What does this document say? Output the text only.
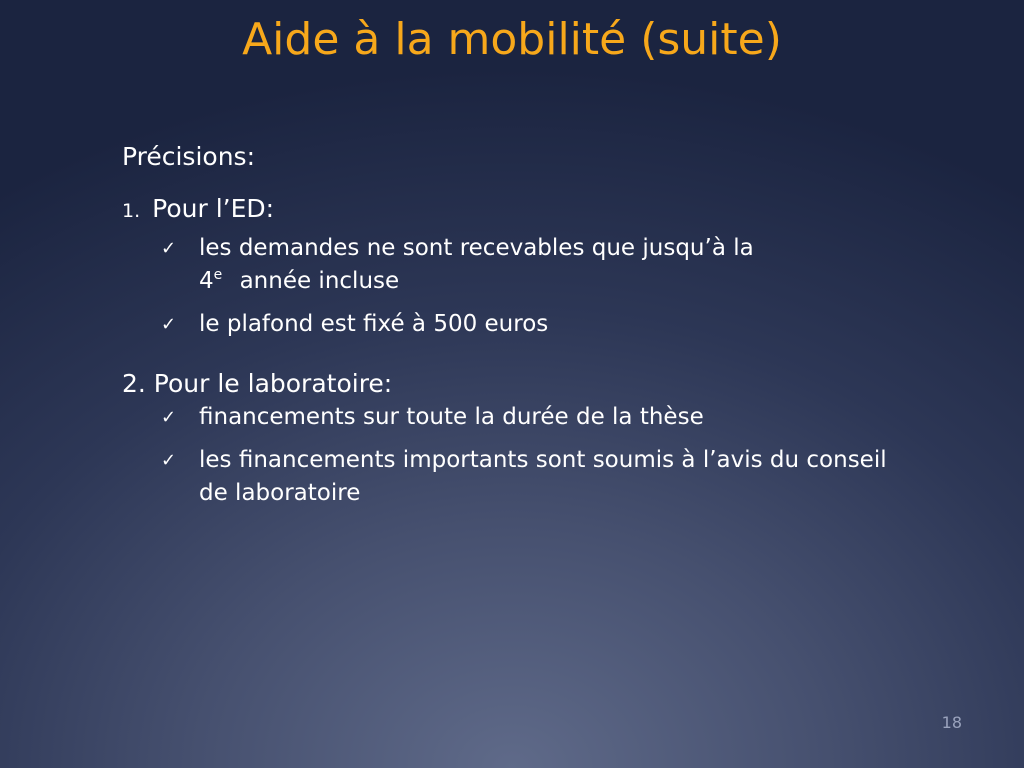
Aide à la mobilité (suite)
Précisions:
1. Pour l’ED:
✓ les demandes ne sont recevables que jusqu’à la
4e année incluse
✓ le plafond est fixé à 500 euros
2. Pour le laboratoire:
✓ financements sur toute la durée de la thèse
✓ les financements importants sont soumis à l’avis du conseil de laboratoire
18
